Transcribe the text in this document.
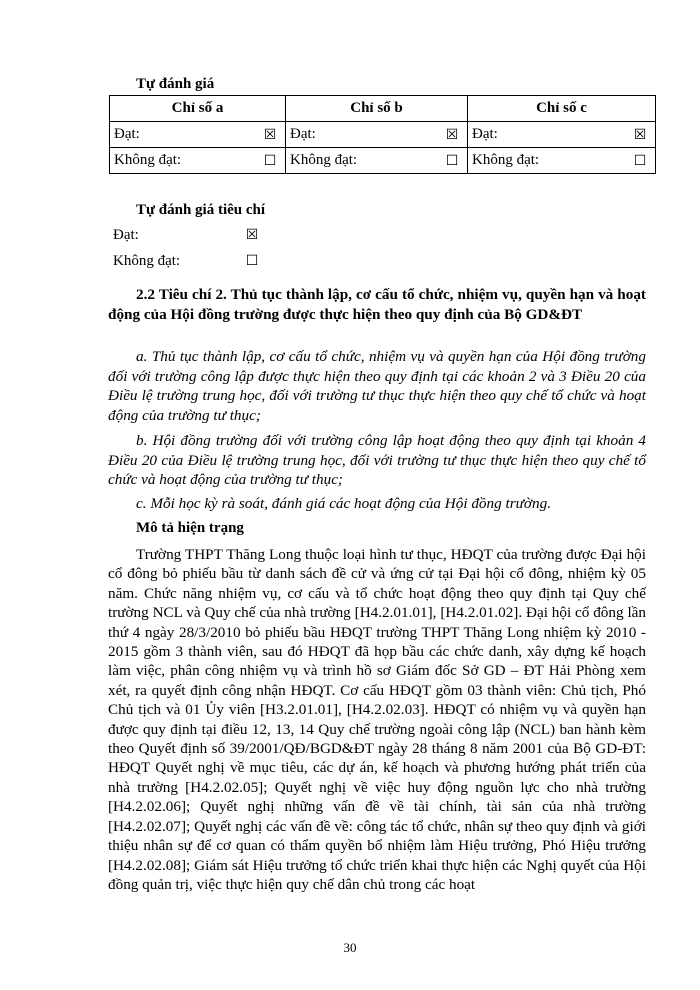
Tự đánh giá
Chỉ số a	Chỉ số b	Chỉ số c

Đạt: ☒	Đạt: ☒	Đạt: ☒

Không đạt: ☐	Không đạt: ☐	Không đạt: ☐
Tự đánh giá tiêu chí
Đạt:	☒
Không đạt:	☐

2.2 Tiêu chí 2. Thủ tục thành lập, cơ cấu tổ chức, nhiệm vụ, quyền hạn và hoạt động của Hội đồng trường được thực hiện theo quy định của Bộ GD&ĐT

a. Thủ tục thành lập, cơ cấu tổ chức, nhiệm vụ và quyền hạn của Hội đồng trường đối với trường công lập được thực hiện theo quy định tại các khoản 2 và 3 Điều 20 của Điều lệ trường trung học, đối với trường tư thục thực hiện theo quy chế tổ chức và hoạt động của trường tư thục;

b. Hội đồng trường đối với trường công lập hoạt động theo quy định tại khoản 4 Điều 20 của Điều lệ trường trung học, đối với trường tư thục thực hiện theo quy chế tổ chức và hoạt động của trường tư thục;

c. Mỗi học kỳ rà soát, đánh giá các hoạt động của Hội đồng trường.

Mô tả hiện trạng

Trường THPT Thăng Long thuộc loại hình tư thục, HĐQT của trường được Đại hội cổ đông bỏ phiếu bầu từ danh sách đề cử và ứng cử tại Đại hội cổ đông, nhiệm kỳ 05 năm. Chức năng nhiệm vụ, cơ cấu và tổ chức hoạt động theo quy định tại Quy chế trường NCL và Quy chế của nhà trường [H4.2.01.01], [H4.2.01.02]. Đại hội cổ đông lần thứ 4 ngày 28/3/2010 bỏ phiếu bầu HĐQT trường THPT Thăng Long nhiệm kỳ 2010 - 2015 gồm 3 thành viên, sau đó HĐQT đã họp bầu các chức danh, xây dựng kế hoạch làm việc, phân công nhiệm vụ và trình hồ sơ Giám đốc Sở GD – ĐT Hải Phòng xem xét, ra quyết định công nhận HĐQT. Cơ cấu HĐQT gồm 03 thành viên: Chủ tịch, Phó Chủ tịch và 01 Ủy viên [H3.2.01.01], [H4.2.02.03]. HĐQT có nhiệm vụ và quyền hạn được quy định tại điều 12, 13, 14 Quy chế trường ngoài công lập (NCL) ban hành kèm theo Quyết định số 39/2001/QĐ/BGD&ĐT ngày 28 tháng 8 năm 2001 của Bộ GD-ĐT: HĐQT Quyết nghị về mục tiêu, các dự án, kế hoạch và phương hướng phát triển của nhà trường [H4.2.02.05]; Quyết nghị về việc huy động nguồn lực cho nhà trường [H4.2.02.06]; Quyết nghị những vấn đề về tài chính, tài sản của nhà trường [H4.2.02.07]; Quyết nghị các vấn đề về: công tác tổ chức, nhân sự theo quy định và giới thiệu nhân sự để cơ quan có thẩm quyền bổ nhiệm làm Hiệu trưởng, Phó Hiệu trưởng [H4.2.02.08]; Giám sát Hiệu trưởng tổ chức triển khai thực hiện các Nghị quyết của Hội đồng quản trị, việc thực hiện quy chế dân chủ trong các hoạt

30
